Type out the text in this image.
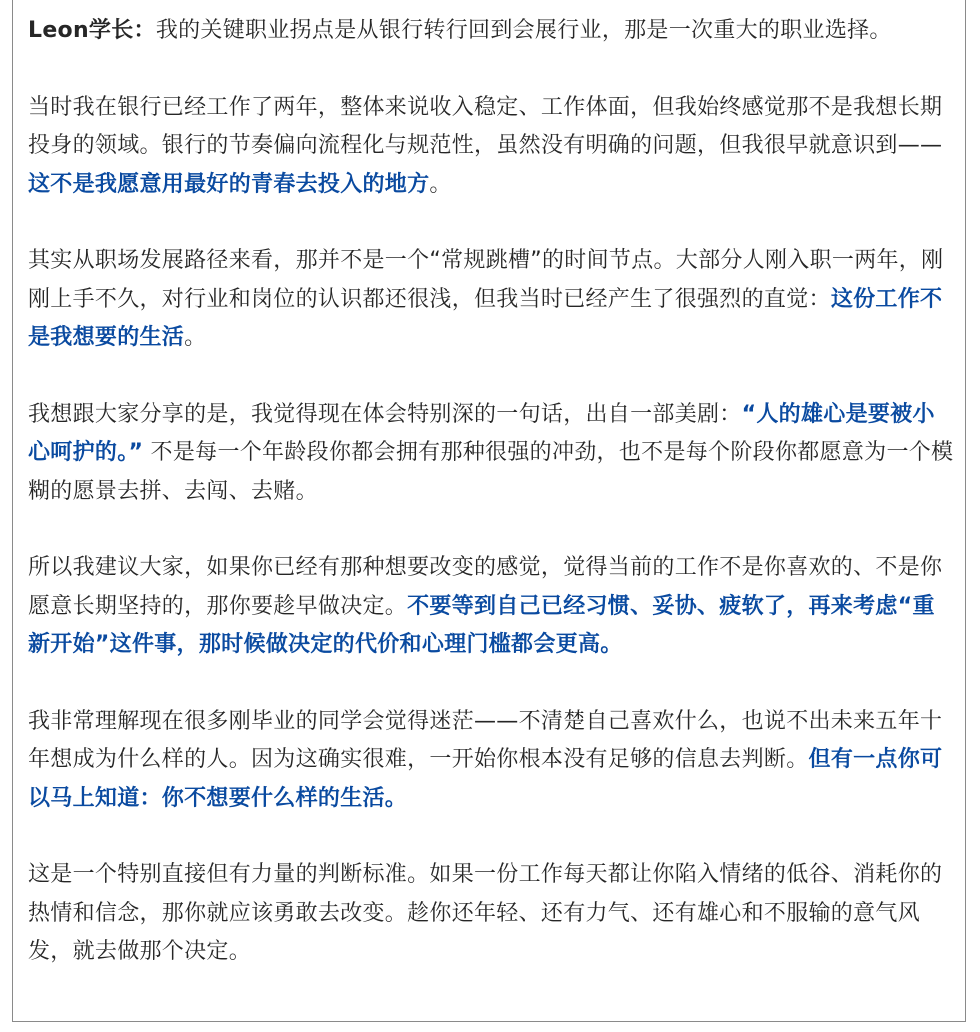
Leon学长：我的关键职业拐点是从银行转行回到会展行业，那是一次重大的职业选择。

当时我在银行已经工作了两年，整体来说收入稳定、工作体面，但我始终感觉那不是我想长期投身的领域。银行的节奏偏向流程化与规范性，虽然没有明确的问题，但我很早就意识到——这不是我愿意用最好的青春去投入的地方。

其实从职场发展路径来看，那并不是一个“常规跳槽”的时间节点。大部分人刚入职一两年，刚刚上手不久，对行业和岗位的认识都还很浅，但我当时已经产生了很强烈的直觉：这份工作不是我想要的生活。

我想跟大家分享的是，我觉得现在体会特别深的一句话，出自一部美剧：“人的雄心是要被小心呵护的。” 不是每一个年龄段你都会拥有那种很强的冲劲，也不是每个阶段你都愿意为一个模糊的愿景去拼、去闯、去赌。

所以我建议大家，如果你已经有那种想要改变的感觉，觉得当前的工作不是你喜欢的、不是你愿意长期坚持的，那你要趁早做决定。不要等到自己已经习惯、妥协、疲软了，再来考虑“重新开始”这件事，那时候做决定的代价和心理门槛都会更高。

我非常理解现在很多刚毕业的同学会觉得迷茫——不清楚自己喜欢什么，也说不出未来五年十年想成为什么样的人。因为这确实很难，一开始你根本没有足够的信息去判断。但有一点你可以马上知道：你不想要什么样的生活。

这是一个特别直接但有力量的判断标准。如果一份工作每天都让你陷入情绪的低谷、消耗你的热情和信念，那你就应该勇敢去改变。趁你还年轻、还有力气、还有雄心和不服输的意气风发，就去做那个决定。
